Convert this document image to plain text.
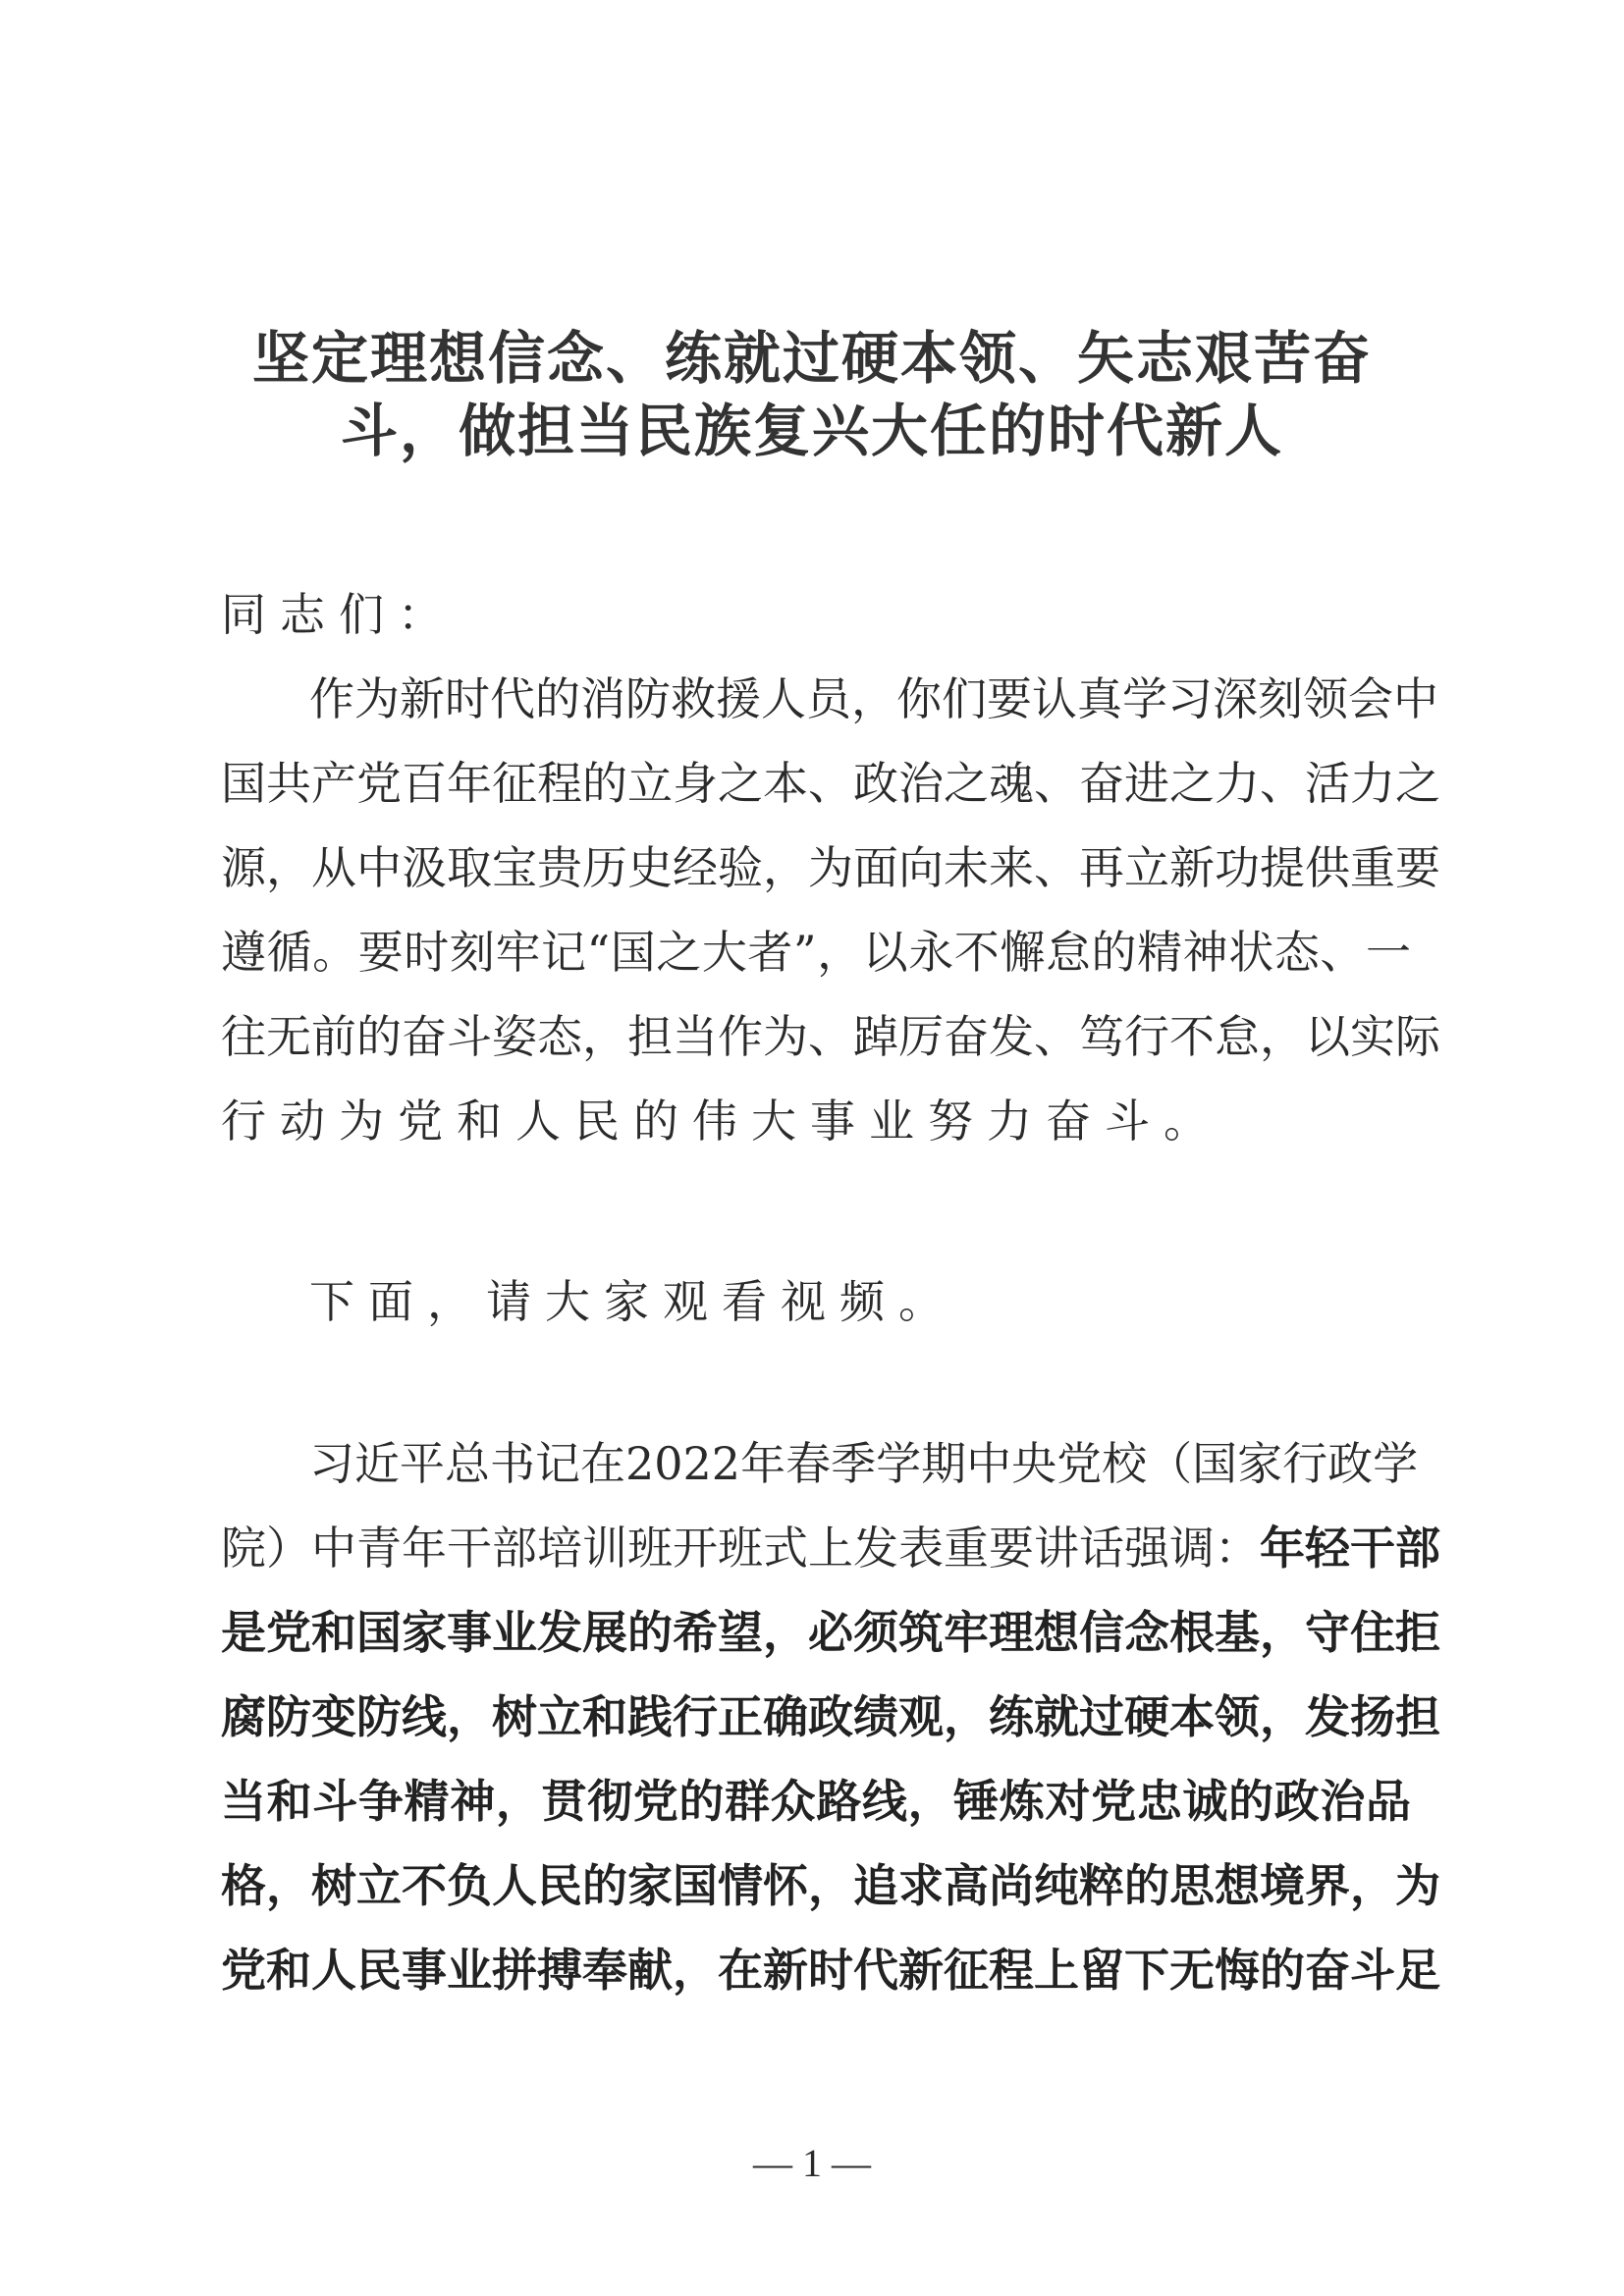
坚定理想信念、练就过硬本领、矢志艰苦奋
斗，做担当民族复兴大任的时代新人
同志们：
作为新时代的消防救援人员，你们要认真学习深刻领会中
国共产党百年征程的立身之本、政治之魂、奋进之力、活力之
源，从中汲取宝贵历史经验，为面向未来、再立新功提供重要
遵循。要时刻牢记“国之大者”，以永不懈怠的精神状态、一
往无前的奋斗姿态，担当作为、踔厉奋发、笃行不怠，以实际
行动为党和人民的伟大事业努力奋斗。
下面，请大家观看视频。
习近平总书记在2022年春季学期中央党校（国家行政学
院）中青年干部培训班开班式上发表重要讲话强调：年轻干部
是党和国家事业发展的希望，必须筑牢理想信念根基，守住拒
腐防变防线，树立和践行正确政绩观，练就过硬本领，发扬担
当和斗争精神，贯彻党的群众路线，锤炼对党忠诚的政治品
格，树立不负人民的家国情怀，追求高尚纯粹的思想境界，为
党和人民事业拼搏奉献，在新时代新征程上留下无悔的奋斗足
— 1 —
